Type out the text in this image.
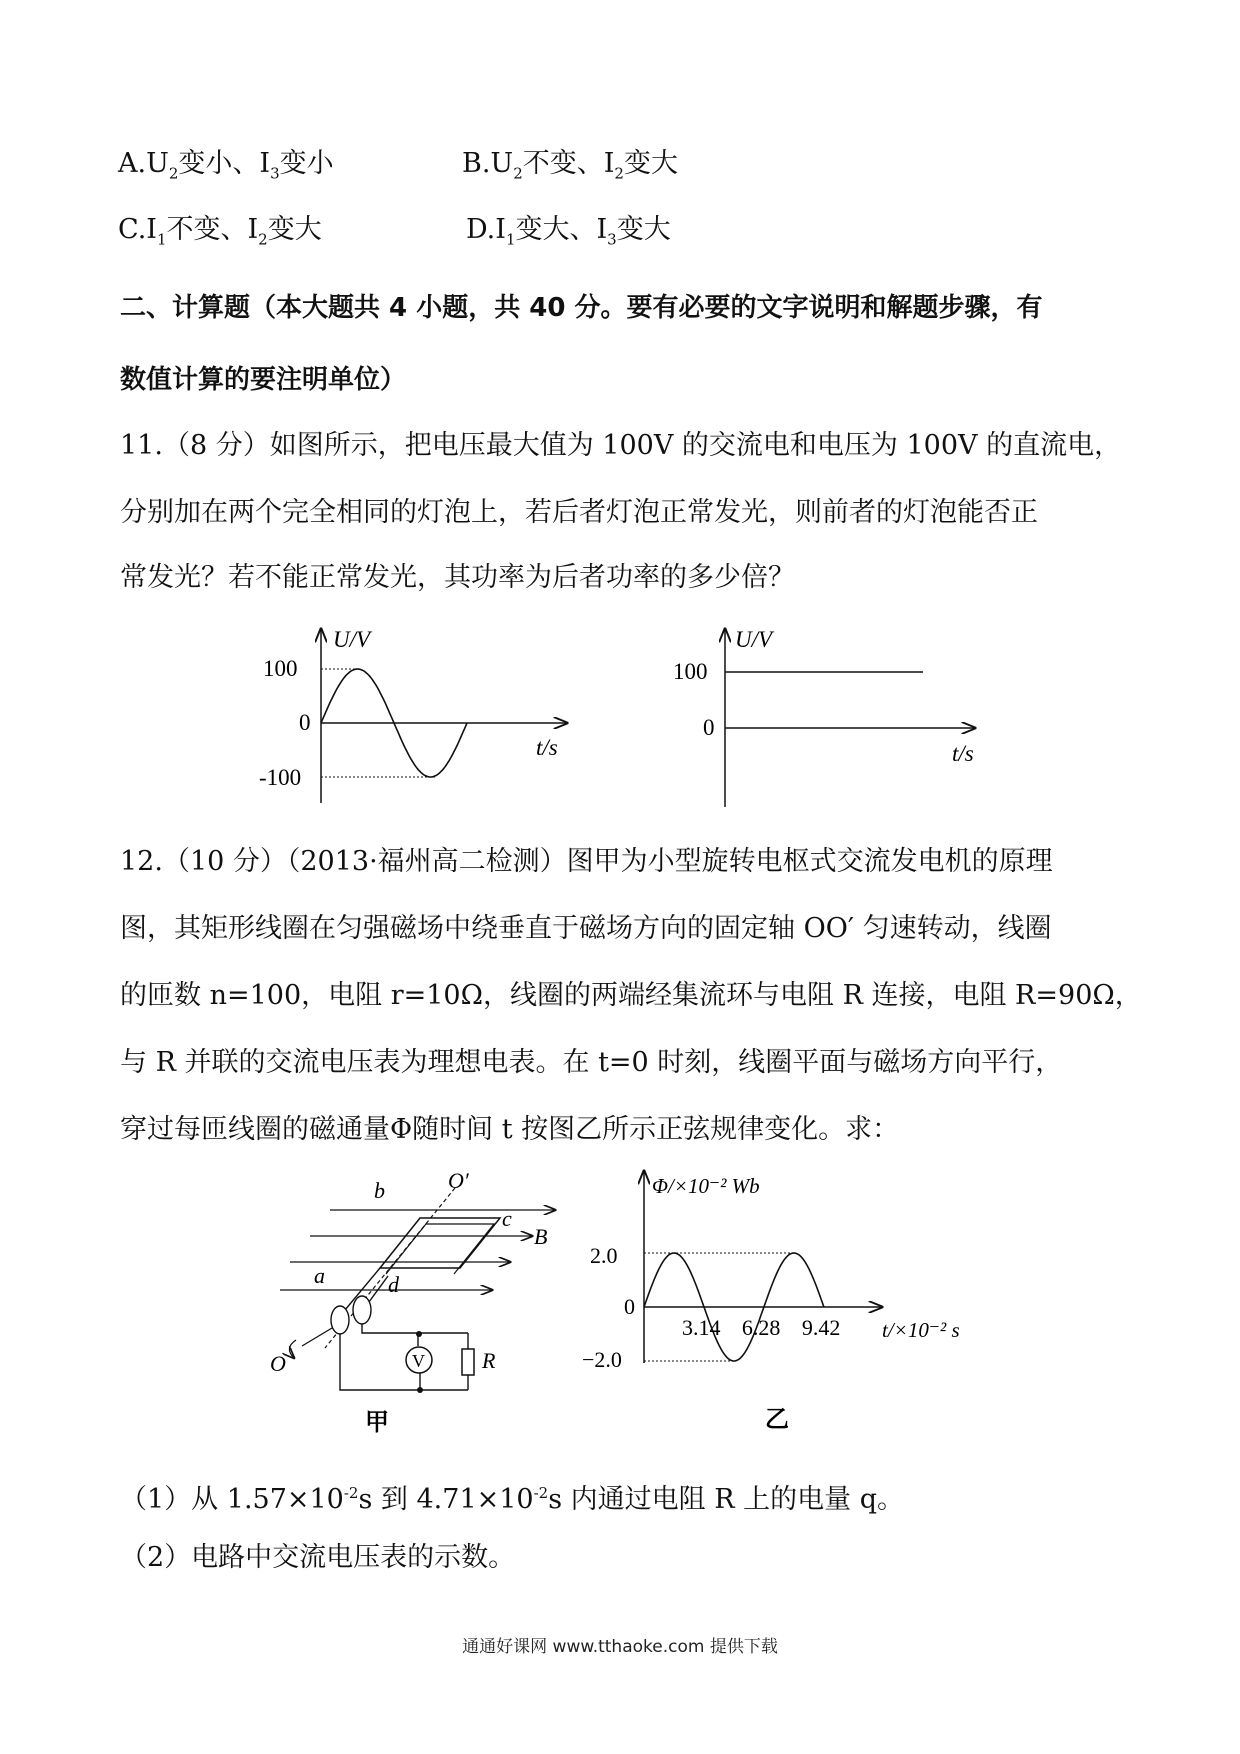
$A.U_2$变小、$I_3$变小	$B.U_2$不变、$I_2$变大
$C.I_1$不变、$I_2$变大	$D.I_1$变大、$I_3$变大
二、计算题（本大题共 4 小题，共 40 分。要有必要的文字说明和解题步骤，有
数值计算的要注明单位）
11.（8 分）如图所示，把电压最大值为 100V 的交流电和电压为 100V 的直流电，
分别加在两个完全相同的灯泡上，若后者灯泡正常发光，则前者的灯泡能否正
常发光？若不能正常发光，其功率为后者功率的多少倍？
U/V
100
0
-100
t/s
U/V
100
0
t/s
12.（10 分）（2013·福州高二检测）图甲为小型旋转电枢式交流发电机的原理
图，其矩形线圈在匀强磁场中绕垂直于磁场方向的固定轴 OO′ 匀速转动，线圈
的匝数 n=100，电阻 r=10Ω，线圈的两端经集流环与电阻 R 连接，电阻 R=90Ω，
与 R 并联的交流电压表为理想电表。在 t=0 时刻，线圈平面与磁场方向平行，
穿过每匝线圈的磁通量Φ随时间 t 按图乙所示正弦规律变化。求：
b	O′
c
B
a	d
O	V	R
甲
Φ/×10⁻² Wb
2.0
0
−2.0
3.14 6.28 9.42 t/×10⁻² s
乙
（1）从 $1.57\times 10^{-2}s$ 到 $4.71\times 10^{-2}s$ 内通过电阻 R 上的电量 q。
（2）电路中交流电压表的示数。
通通好课网 www.tthaoke.com 提供下载
